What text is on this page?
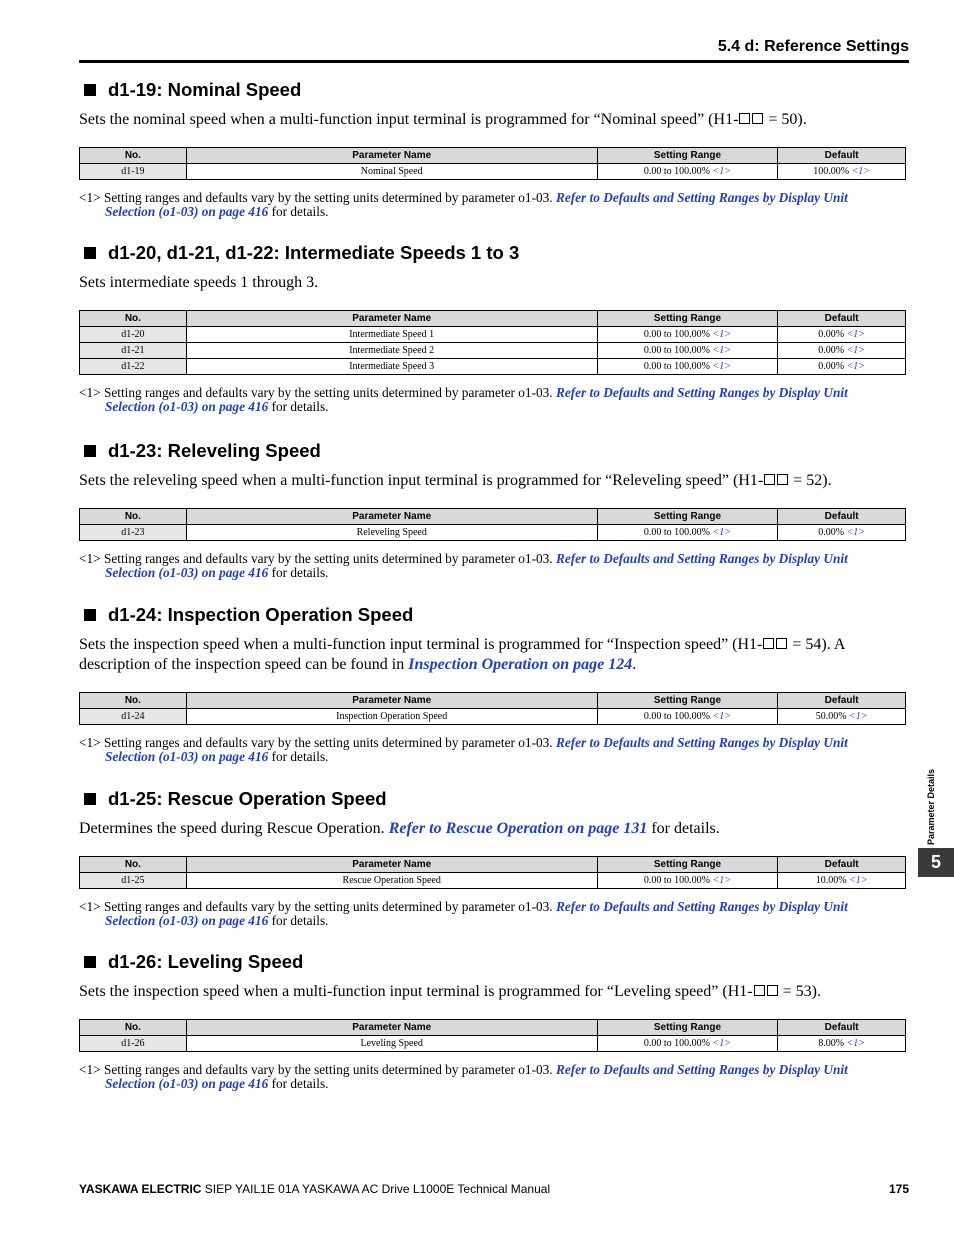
5.4 d: Reference Settings
d1-19: Nominal Speed
Sets the nominal speed when a multi-function input terminal is programmed for “Nominal speed” (H1- = 50).
No.	Parameter Name	Setting Range	Default
d1-19	Nominal Speed	0.00 to 100.00% <1>	100.00% <1>
<1> Setting ranges and defaults vary by the setting units determined by parameter o1-03. Refer to Defaults and Setting Ranges by Display Unit
Selection (o1-03) on page 416 for details.
d1-20, d1-21, d1-22: Intermediate Speeds 1 to 3
Sets intermediate speeds 1 through 3.
No.	Parameter Name	Setting Range	Default
d1-20	Intermediate Speed 1	0.00 to 100.00% <1>	0.00% <1>
d1-21	Intermediate Speed 2	0.00 to 100.00% <1>	0.00% <1>
d1-22	Intermediate Speed 3	0.00 to 100.00% <1>	0.00% <1>
<1> Setting ranges and defaults vary by the setting units determined by parameter o1-03. Refer to Defaults and Setting Ranges by Display Unit
Selection (o1-03) on page 416 for details.
d1-23: Releveling Speed
Sets the releveling speed when a multi-function input terminal is programmed for “Releveling speed” (H1- = 52).
No.	Parameter Name	Setting Range	Default
d1-23	Releveling Speed	0.00 to 100.00% <1>	0.00% <1>
<1> Setting ranges and defaults vary by the setting units determined by parameter o1-03. Refer to Defaults and Setting Ranges by Display Unit
Selection (o1-03) on page 416 for details.
d1-24: Inspection Operation Speed
Sets the inspection speed when a multi-function input terminal is programmed for “Inspection speed” (H1- = 54). A description of the inspection speed can be found in Inspection Operation on page 124.
No.	Parameter Name	Setting Range	Default
d1-24	Inspection Operation Speed	0.00 to 100.00% <1>	50.00% <1>
<1> Setting ranges and defaults vary by the setting units determined by parameter o1-03. Refer to Defaults and Setting Ranges by Display Unit
Selection (o1-03) on page 416 for details.
d1-25: Rescue Operation Speed
Determines the speed during Rescue Operation. Refer to Rescue Operation on page 131 for details.
No.	Parameter Name	Setting Range	Default
d1-25	Rescue Operation Speed	0.00 to 100.00% <1>	10.00% <1>
<1> Setting ranges and defaults vary by the setting units determined by parameter o1-03. Refer to Defaults and Setting Ranges by Display Unit
Selection (o1-03) on page 416 for details.
d1-26: Leveling Speed
Sets the inspection speed when a multi-function input terminal is programmed for “Leveling speed” (H1- = 53).
No.	Parameter Name	Setting Range	Default
d1-26	Leveling Speed	0.00 to 100.00% <1>	8.00% <1>
<1> Setting ranges and defaults vary by the setting units determined by parameter o1-03. Refer to Defaults and Setting Ranges by Display Unit
Selection (o1-03) on page 416 for details.
Parameter Details
5
YASKAWA ELECTRIC SIEP YAIL1E 01A YASKAWA AC Drive L1000E Technical Manual	175
